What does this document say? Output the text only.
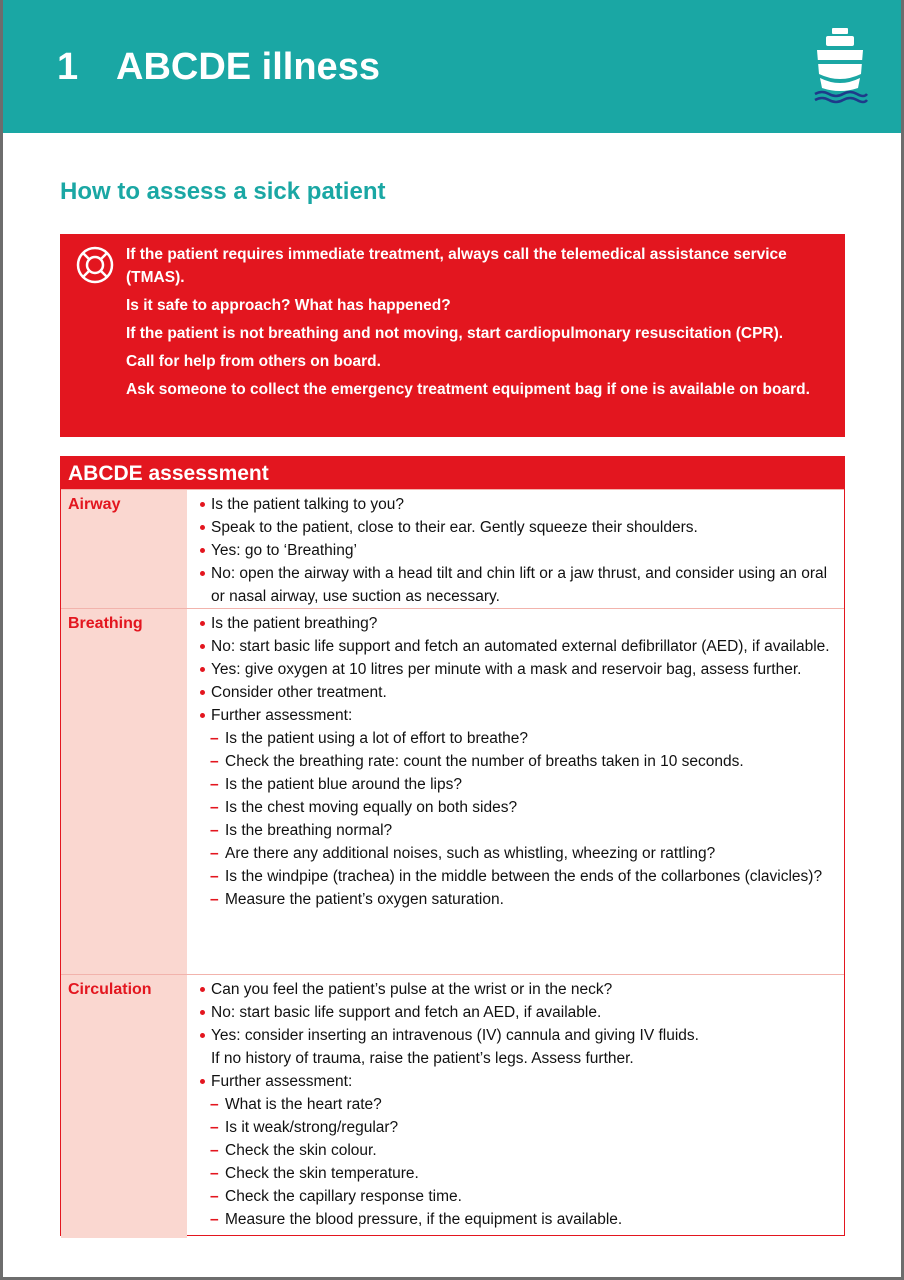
1 ABCDE illness
How to assess a sick patient
If the patient requires immediate treatment, always call the telemedical assistance service (TMAS).
Is it safe to approach? What has happened?
If the patient is not breathing and not moving, start cardiopulmonary resuscitation (CPR).
Call for help from others on board.
Ask someone to collect the emergency treatment equipment bag if one is available on board.
ABCDE assessment
Airway	Is the patient talking to you?
Speak to the patient, close to their ear. Gently squeeze their shoulders.
Yes: go to ‘Breathing’
No: open the airway with a head tilt and chin lift or a jaw thrust, and consider using an oral or nasal airway, use suction as necessary.
Breathing	Is the patient breathing?
No: start basic life support and fetch an automated external defibrillator (AED), if available.
Yes: give oxygen at 10 litres per minute with a mask and reservoir bag, assess further.
Consider other treatment.
Further assessment:
– Is the patient using a lot of effort to breathe?
– Check the breathing rate: count the number of breaths taken in 10 seconds.
– Is the patient blue around the lips?
– Is the chest moving equally on both sides?
– Is the breathing normal?
– Are there any additional noises, such as whistling, wheezing or rattling?
– Is the windpipe (trachea) in the middle between the ends of the collarbones (clavicles)?
– Measure the patient’s oxygen saturation.
Circulation	Can you feel the patient’s pulse at the wrist or in the neck?
No: start basic life support and fetch an AED, if available.
Yes: consider inserting an intravenous (IV) cannula and giving IV fluids.
If no history of trauma, raise the patient’s legs. Assess further.
Further assessment:
– What is the heart rate?
– Is it weak/strong/regular?
– Check the skin colour.
– Check the skin temperature.
– Check the capillary response time.
– Measure the blood pressure, if the equipment is available.
